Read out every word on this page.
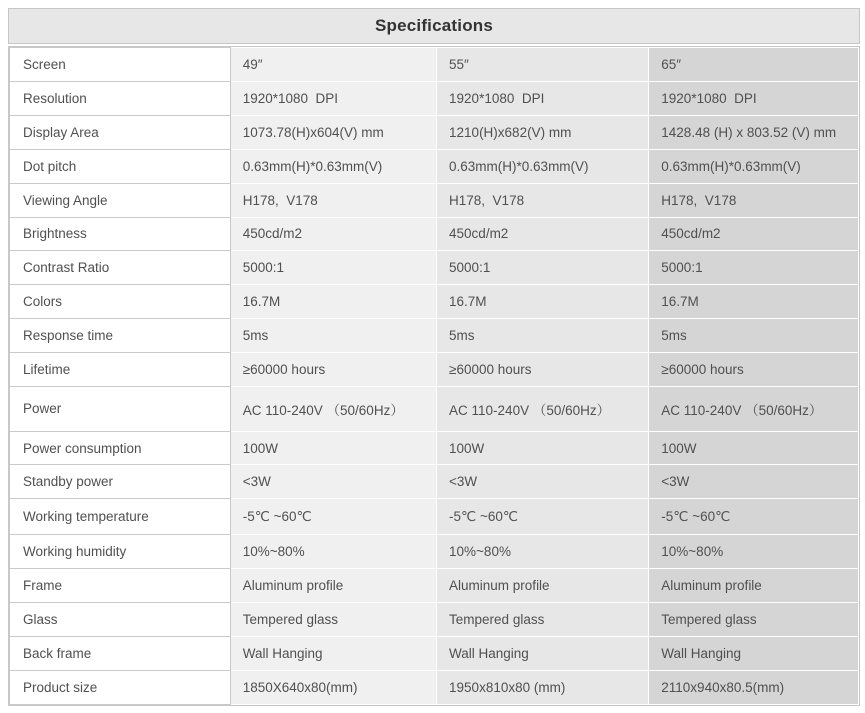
Specifications
Screen	49″	55″	65″
Resolution	1920*1080  DPI	1920*1080  DPI	1920*1080  DPI
Display Area	1073.78(H)x604(V) mm	1210(H)x682(V) mm	1428.48 (H) x 803.52 (V) mm
Dot pitch	0.63mm(H)*0.63mm(V)	0.63mm(H)*0.63mm(V)	0.63mm(H)*0.63mm(V)
Viewing Angle	H178,  V178	H178,  V178	H178,  V178
Brightness	450cd/m2	450cd/m2	450cd/m2
Contrast Ratio	5000:1	5000:1	5000:1
Colors	16.7M	16.7M	16.7M
Response time	5ms	5ms	5ms
Lifetime	≥60000 hours	≥60000 hours	≥60000 hours
Power	AC 110-240V （50/60Hz）	AC 110-240V （50/60Hz）	AC 110-240V （50/60Hz）
Power consumption	100W	100W	100W
Standby power	<3W	<3W	<3W
Working temperature	-5℃ ~60℃	-5℃ ~60℃	-5℃ ~60℃
Working humidity	10%~80%	10%~80%	10%~80%
Frame	Aluminum profile	Aluminum profile	Aluminum profile
Glass	Tempered glass	Tempered glass	Tempered glass
Back frame	Wall Hanging	Wall Hanging	Wall Hanging
Product size	1850X640x80(mm)	1950x810x80 (mm)	2110x940x80.5(mm)
